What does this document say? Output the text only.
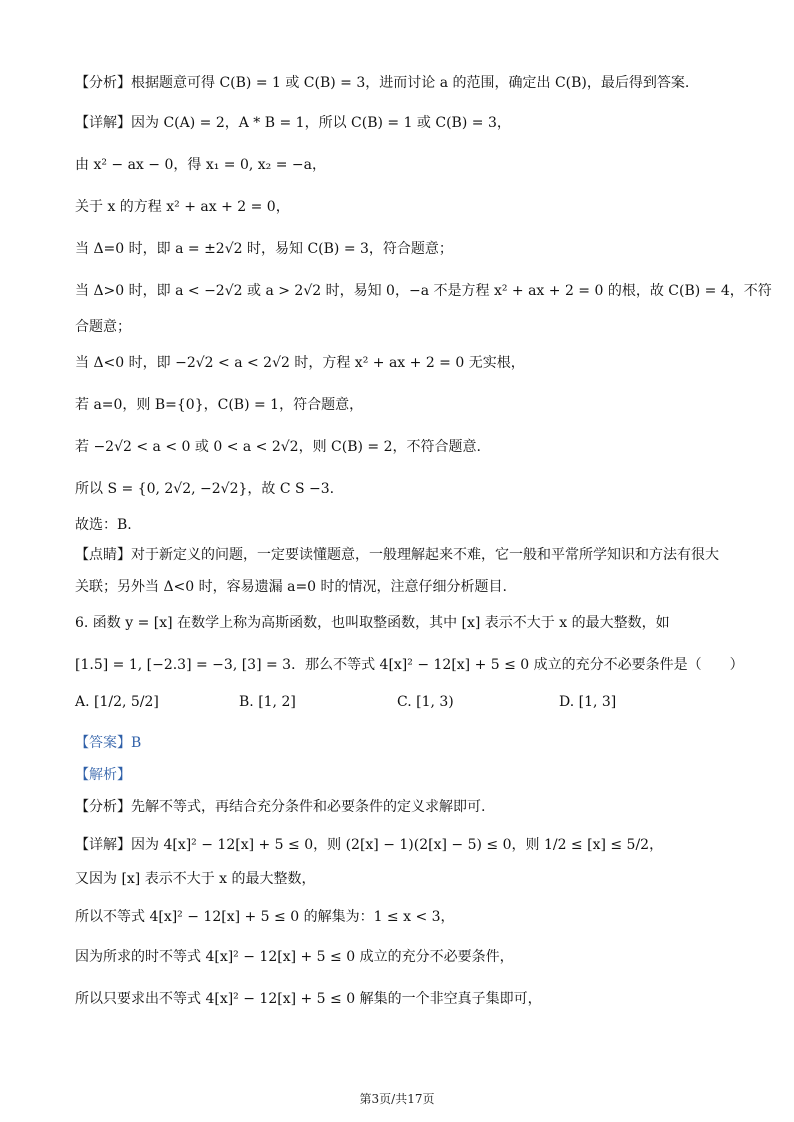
【分析】根据题意可得 C(B) = 1 或 C(B) = 3，进而讨论 a 的范围，确定出 C(B)，最后得到答案.
【详解】因为 C(A) = 2，A * B = 1，所以 C(B) = 1 或 C(B) = 3，
由 x² − ax − 0，得 x₁ = 0, x₂ = −a，
关于 x 的方程 x² + ax + 2 = 0，
当 Δ=0 时，即 a = ±2√2 时，易知 C(B) = 3，符合题意；
当 Δ>0 时，即 a < −2√2 或 a > 2√2 时，易知 0，−a 不是方程 x² + ax + 2 = 0 的根，故 C(B) = 4，不符
合题意；
当 Δ<0 时，即 −2√2 < a < 2√2 时，方程 x² + ax + 2 = 0 无实根，
若 a=0，则 B={0}，C(B) = 1，符合题意，
若 −2√2 < a < 0 或 0 < a < 2√2，则 C(B) = 2，不符合题意.
所以 S = {0, 2√2, −2√2}，故 C S −3.
故选：B.
【点睛】对于新定义的问题，一定要读懂题意，一般理解起来不难，它一般和平常所学知识和方法有很大
关联；另外当 Δ<0 时，容易遗漏 a=0 时的情况，注意仔细分析题目.
6. 函数 y = [x] 在数学上称为高斯函数，也叫取整函数，其中 [x] 表示不大于 x 的最大整数，如
[1.5] = 1, [−2.3] = −3, [3] = 3．那么不等式 4[x]² − 12[x] + 5 ≤ 0 成立的充分不必要条件是（　　）
A. [1/2, 5/2]	B. [1, 2]	C. [1, 3)	D. [1, 3]
【答案】B
【解析】
【分析】先解不等式，再结合充分条件和必要条件的定义求解即可.
【详解】因为 4[x]² − 12[x] + 5 ≤ 0，则 (2[x] − 1)(2[x] − 5) ≤ 0，则 1/2 ≤ [x] ≤ 5/2，
又因为 [x] 表示不大于 x 的最大整数，
所以不等式 4[x]² − 12[x] + 5 ≤ 0 的解集为：1 ≤ x < 3，
因为所求的时不等式 4[x]² − 12[x] + 5 ≤ 0 成立的充分不必要条件，
所以只要求出不等式 4[x]² − 12[x] + 5 ≤ 0 解集的一个非空真子集即可，
第3页/共17页
